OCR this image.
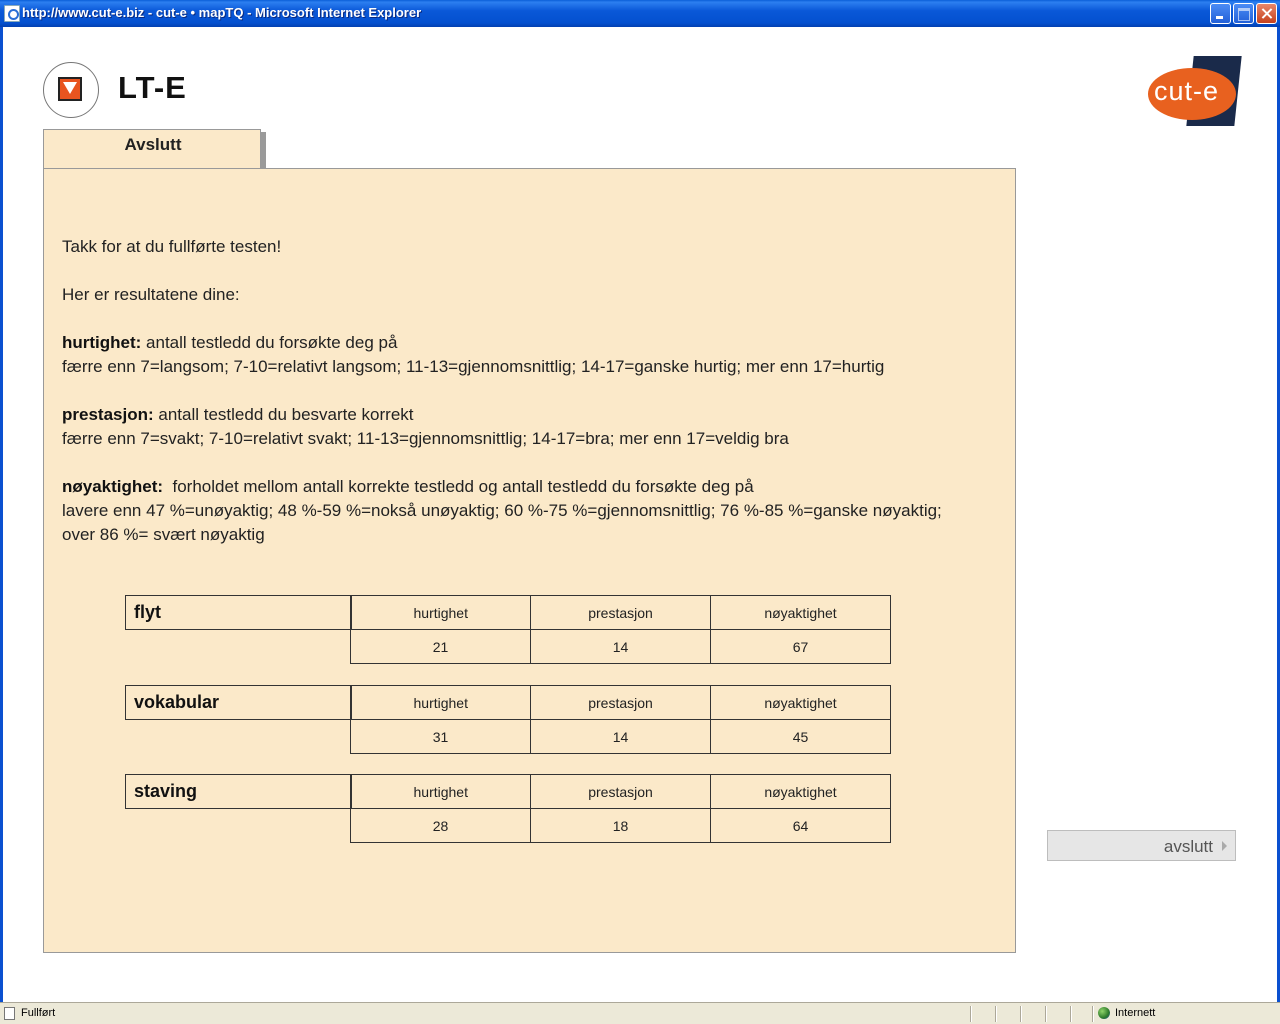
http://www.cut-e.biz - cut-e • mapTQ - Microsoft Internet Explorer
LT-E	cut-e
Avslutt
Takk for at du fullførte testen!
Her er resultatene dine:
hurtighet: antall testledd du forsøkte deg på
færre enn 7=langsom; 7-10=relativt langsom; 11-13=gjennomsnittlig; 14-17=ganske hurtig; mer enn 17=hurtig
prestasjon: antall testledd du besvarte korrekt
færre enn 7=svakt; 7-10=relativt svakt; 11-13=gjennomsnittlig; 14-17=bra; mer enn 17=veldig bra
nøyaktighet:  forholdet mellom antall korrekte testledd og antall testledd du forsøkte deg på
lavere enn 47 %=unøyaktig; 48 %-59 %=nokså unøyaktig; 60 %-75 %=gjennomsnittlig; 76 %-85 %=ganske nøyaktig;
over 86 %= svært nøyaktig
flyt	hurtighet	prestasjon	nøyaktighet
	21	14	67
vokabular	hurtighet	prestasjon	nøyaktighet
	31	14	45
staving	hurtighet	prestasjon	nøyaktighet
	28	18	64
avslutt
Fullført	Internett
